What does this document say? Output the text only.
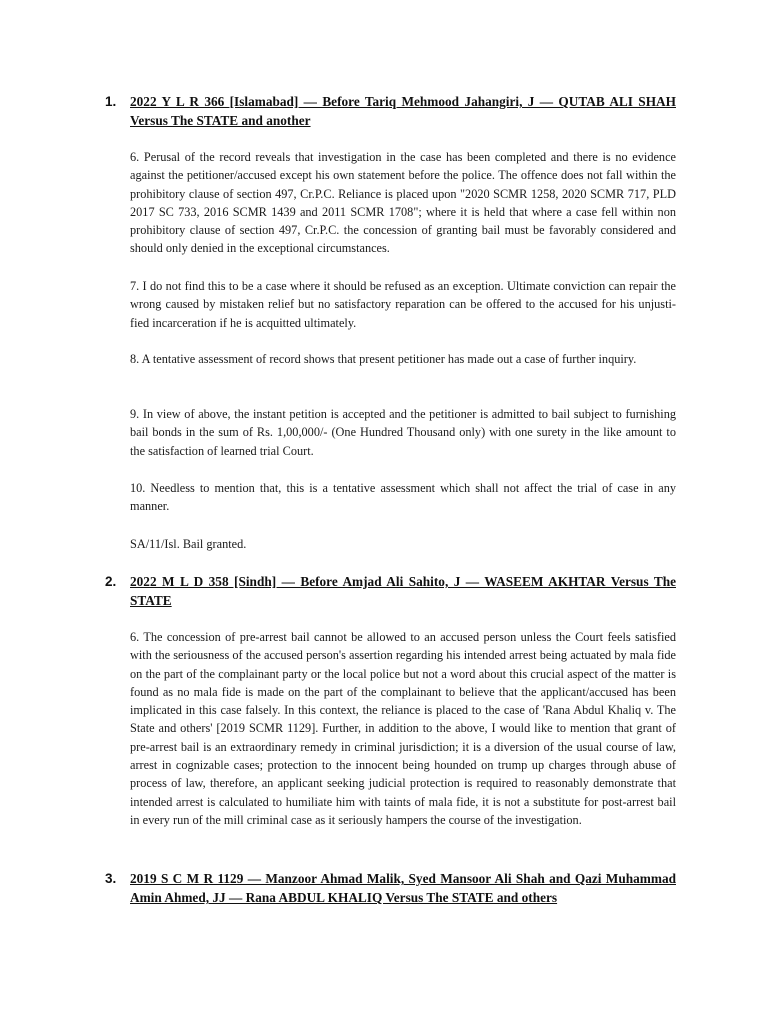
1. 2022 Y L R 366 [Islamabad] — Before Tariq Mehmood Jahangiri, J — QUTAB ALI SHAH Versus The STATE and another

6. Perusal of the record reveals that investigation in the case has been completed and there is no evidence against the petitioner/accused except his own statement before the police. The offence does not fall within the prohibitory clause of section 497, Cr.P.C. Reliance is placed upon "2020 SCMR 1258, 2020 SCMR 717, PLD 2017 SC 733, 2016 SCMR 1439 and 2011 SCMR 1708"; where it is held that where a case fell within non prohibitory clause of section 497, Cr.P.C. the concession of granting bail must be favorably considered and should only denied in the exceptional circumstances.

7. I do not find this to be a case where it should be refused as an exception. Ultimate conviction can repair the wrong caused by mistaken relief but no satisfactory reparation can be offered to the accused for his unjusti-fied incarceration if he is acquitted ultimately.

8. A tentative assessment of record shows that present petitioner has made out a case of further inquiry.

9. In view of above, the instant petition is accepted and the petitioner is admitted to bail subject to furnishing bail bonds in the sum of Rs. 1,00,000/- (One Hundred Thousand only) with one surety in the like amount to the satisfaction of learned trial Court.

10. Needless to mention that, this is a tentative assessment which shall not affect the trial of case in any manner.

SA/11/Isl. Bail granted.

2. 2022 M L D 358 [Sindh] — Before Amjad Ali Sahito, J — WASEEM AKHTAR Versus The STATE

6. The concession of pre-arrest bail cannot be allowed to an accused person unless the Court feels satisfied with the seriousness of the accused person's assertion regarding his intended arrest being actuated by mala fide on the part of the complainant party or the local police but not a word about this crucial aspect of the matter is found as no mala fide is made on the part of the complainant to believe that the applicant/accused has been implicated in this case falsely. In this context, the reliance is placed to the case of 'Rana Abdul Khaliq v. The State and others' [2019 SCMR 1129]. Further, in addition to the above, I would like to mention that grant of pre-arrest bail is an extraordinary remedy in criminal jurisdiction; it is a diversion of the usual course of law, arrest in cognizable cases; protection to the innocent being hounded on trump up charges through abuse of process of law, therefore, an applicant seeking judicial protection is required to reasonably demonstrate that intended arrest is calculated to humiliate him with taints of mala fide, it is not a substitute for post-arrest bail in every run of the mill criminal case as it seriously hampers the course of the investigation.

3. 2019 S C M R 1129 — Manzoor Ahmad Malik, Syed Mansoor Ali Shah and Qazi Muhammad Amin Ahmed, JJ — Rana ABDUL KHALIQ Versus The STATE and others
